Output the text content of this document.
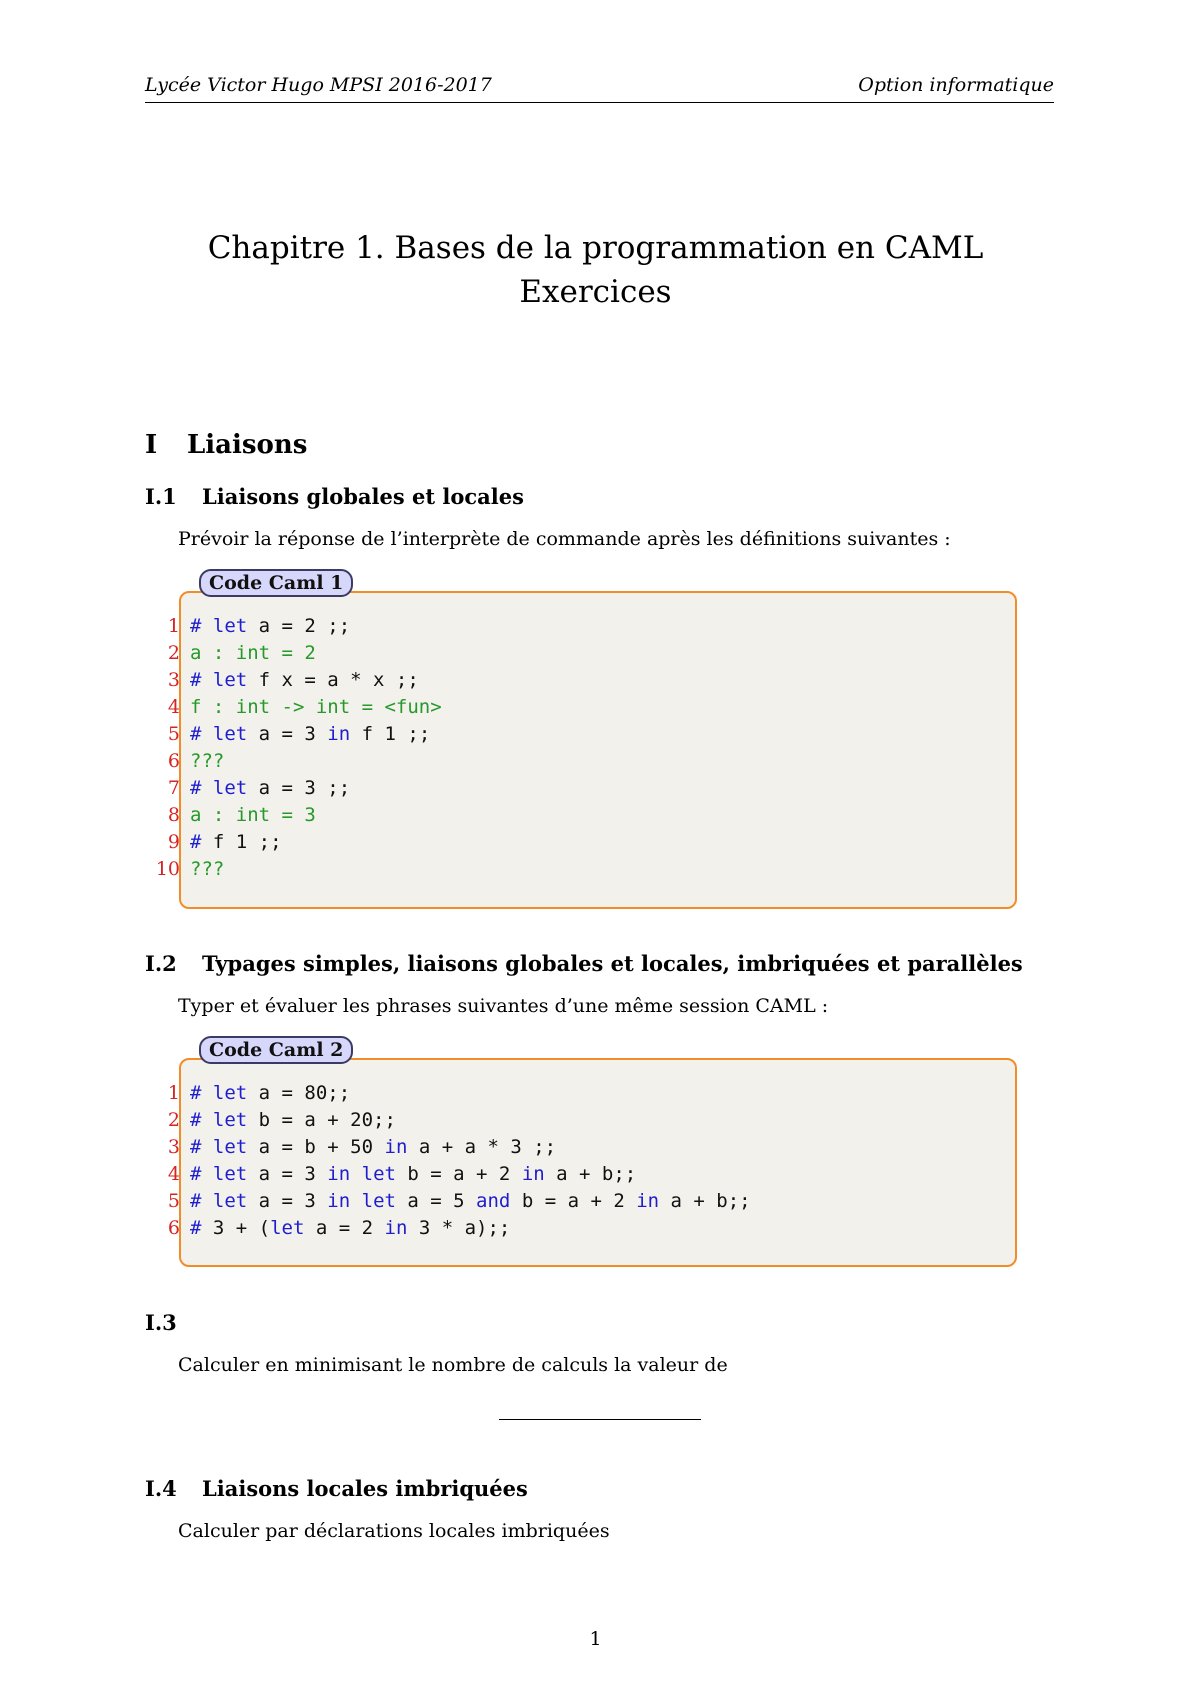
Lycée Victor Hugo MPSI 2016-2017	Option informatique
Chapitre 1. Bases de la programmation en CAML
Exercices
I Liaisons
I.1 Liaisons globales et locales
Prévoir la réponse de l’interprète de commande après les définitions suivantes :
Code Caml 1
1 # let a = 2 ;;
2 a : int = 2
3 # let f x = a * x ;;
4 f : int -> int = <fun>
5 # let a = 3 in f 1 ;;
6 ???
7 # let a = 3 ;;
8 a : int = 3
9 # f 1 ;;
10 ???
I.2 Typages simples, liaisons globales et locales, imbriquées et parallèles
Typer et évaluer les phrases suivantes d’une même session CAML :
Code Caml 2
1 # let a = 80;;
2 # let b = a + 20;;
3 # let a = b + 50 in a + a * 3 ;;
4 # let a = 3 in let b = a + 2 in a + b;;
5 # let a = 3 in let a = 5 and b = a + 2 in a + b;;
6 # 3 + (let a = 2 in 3 * a);;
I.3
Calculer en minimisant le nombre de calculs la valeur de
I.4 Liaisons locales imbriquées
Calculer par déclarations locales imbriquées
1
